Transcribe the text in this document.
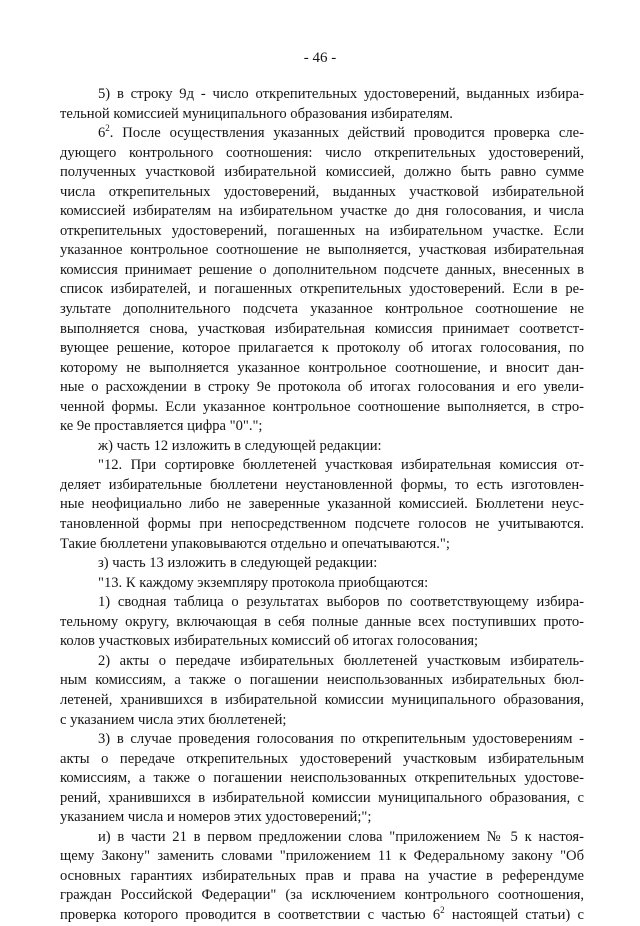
- 46 -
5) в строку 9д - число открепительных удостоверений, выданных избира-
тельной комиссией муниципального образования избирателям.
$6^2$. После осуществления указанных действий проводится проверка сле-
дующего контрольного соотношения: число открепительных удостоверений,
полученных участковой избирательной комиссией, должно быть равно сумме
числа открепительных удостоверений, выданных участковой избирательной
комиссией избирателям на избирательном участке до дня голосования, и числа
открепительных удостоверений, погашенных на избирательном участке. Если
указанное контрольное соотношение не выполняется, участковая избирательная
комиссия принимает решение о дополнительном подсчете данных, внесенных в
список избирателей, и погашенных открепительных удостоверений. Если в ре-
зультате дополнительного подсчета указанное контрольное соотношение не
выполняется снова, участковая избирательная комиссия принимает соответст-
вующее решение, которое прилагается к протоколу об итогах голосования, по
которому не выполняется указанное контрольное соотношение, и вносит дан-
ные о расхождении в строку 9е протокола об итогах голосования и его увели-
ченной формы. Если указанное контрольное соотношение выполняется, в стро-
ке 9е проставляется цифра "0".";
ж) часть 12 изложить в следующей редакции:
"12. При сортировке бюллетеней участковая избирательная комиссия от-
деляет избирательные бюллетени неустановленной формы, то есть изготовлен-
ные неофициально либо не заверенные указанной комиссией. Бюллетени неус-
тановленной формы при непосредственном подсчете голосов не учитываются.
Такие бюллетени упаковываются отдельно и опечатываются.";
з) часть 13 изложить в следующей редакции:
"13. К каждому экземпляру протокола приобщаются:
1) сводная таблица о результатах выборов по соответствующему избира-
тельному округу, включающая в себя полные данные всех поступивших прото-
колов участковых избирательных комиссий об итогах голосования;
2) акты о передаче избирательных бюллетеней участковым избиратель-
ным комиссиям, а также о погашении неиспользованных избирательных бюл-
летеней, хранившихся в избирательной комиссии муниципального образования,
с указанием числа этих бюллетеней;
3) в случае проведения голосования по открепительным удостоверениям -
акты о передаче открепительных удостоверений участковым избирательным
комиссиям, а также о погашении неиспользованных открепительных удостове-
рений, хранившихся в избирательной комиссии муниципального образования, с
указанием числа и номеров этих удостоверений;";
и) в части 21 в первом предложении слова "приложением № 5 к настоя-
щему Закону" заменить словами "приложением 11 к Федеральному закону "Об
основных гарантиях избирательных прав и права на участие в референдуме
граждан Российской Федерации" (за исключением контрольного соотношения,
проверка которого проводится в соответствии с частью $6^2$ настоящей статьи) с
